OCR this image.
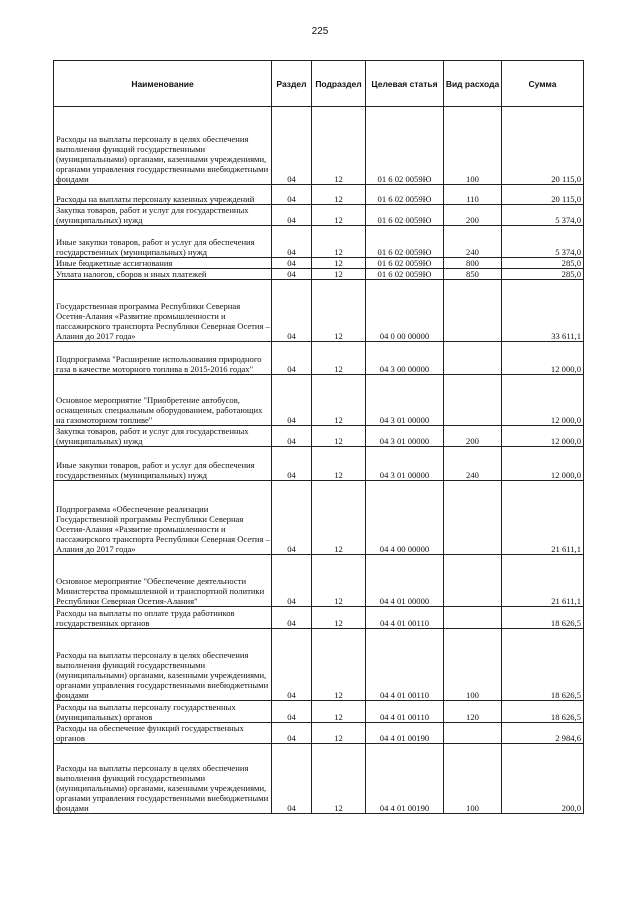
225
Наименование	Раздел	Подраздел	Целевая статья	Вид расхода	Сумма
Расходы на выплаты персоналу в целях обеспечения выполнения функций государственными (муниципальными) органами, казенными учреждениями, органами управления государственными внебюджетными фондами	04	12	01 6 02 0059Ю	100	20 115,0
Расходы на выплаты персоналу казенных учреждений	04	12	01 6 02 0059Ю	110	20 115,0
Закупка товаров, работ и услуг для государственных (муниципальных) нужд	04	12	01 6 02 0059Ю	200	5 374,0
Иные закупки товаров, работ и услуг для обеспечения государственных (муниципальных) нужд	04	12	01 6 02 0059Ю	240	5 374,0
Иные бюджетные ассигнования	04	12	01 6 02 0059Ю	800	285,0
Уплата налогов, сборов и иных платежей	04	12	01 6 02 0059Ю	850	285,0
Государственная программа Республики Северная Осетия-Алания «Развитие промышленности и пассажирского транспорта Республики Северная Осетия – Алания до 2017 года»	04	12	04 0 00 00000		33 611,1
Подпрограмма "Расширение использования природного газа в качестве моторного топлива в 2015-2016 годах"	04	12	04 3 00 00000		12 000,0
Основное мероприятие "Приобретение автобусов, оснащенных специальным оборудованием, работающих на газомоторном топливе"	04	12	04 3 01 00000		12 000,0
Закупка товаров, работ и услуг для государственных (муниципальных) нужд	04	12	04 3 01 00000	200	12 000,0
Иные закупки товаров, работ и услуг для обеспечения государственных (муниципальных) нужд	04	12	04 3 01 00000	240	12 000,0
Подпрограмма «Обеспечение реализации Государственной программы Республики Северная Осетия-Алания «Развитие промышленности и пассажирского транспорта Республики Северная Осетия – Алания до 2017 года»	04	12	04 4 00 00000		21 611,1
Основное мероприятие "Обеспечение деятельности Министерства промышленной и транспортной политики Республики Северная Осетия-Алания"	04	12	04 4 01 00000		21 611,1
Расходы на выплаты по оплате труда работников государственных органов	04	12	04 4 01 00110		18 626,5
Расходы на выплаты персоналу в целях обеспечения выполнения функций государственными (муниципальными) органами, казенными учреждениями, органами управления государственными внебюджетными фондами	04	12	04 4 01 00110	100	18 626,5
Расходы на выплаты персоналу государственных (муниципальных) органов	04	12	04 4 01 00110	120	18 626,5
Расходы на обеспечение функций государственных органов	04	12	04 4 01 00190		2 984,6
Расходы на выплаты персоналу в целях обеспечения выполнения функций государственными (муниципальными) органами, казенными учреждениями, органами управления государственными внебюджетными фондами	04	12	04 4 01 00190	100	200,0
